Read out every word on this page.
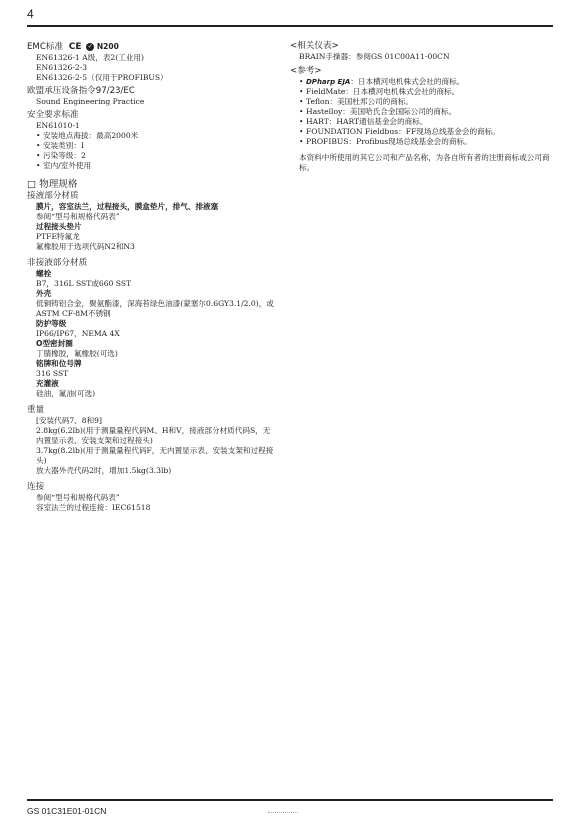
4
EMC标准 CE ✓ N200
EN61326-1 A级，表2(工业用)
EN61326-2-3
EN61326-2-5（仅用于PROFIBUS）
欧盟承压设备指令97/23/EC
Sound Engineering Practice
安全要求标准
EN61010-1
• 安装地点海拔：最高2000米
• 安装类别：I
• 污染等级：2
• 室内/室外使用
□ 物理规格
接液部分材质
膜片，容室法兰，过程接头，膜盒垫片，排气、排液塞
参阅“型号和规格代码表”
过程接头垫片
PTFE特氟龙
氟橡胶用于选项代码N2和N3
非接液部分材质
螺栓
B7，316L SST或660 SST
外壳
低铜铸铝合金，聚氨酯漆，深海苔绿色油漆(蒙塞尔0.6GY3.1/2.0)，或ASTM CF-8M不锈钢
防护等级
IP66/IP67，NEMA 4X
O型密封圈
丁腈橡胶，氟橡胶(可选)
铭牌和位号牌
316 SST
充灌液
硅油，氟油(可选)
重量
[安装代码7、8和9]
2.8kg(6.2lb)(用于测量量程代码M、H和V，接液部分材质代码S，无内置显示表、安装支架和过程接头)
3.7kg(8.2lb)(用于测量量程代码F，无内置显示表、安装支架和过程接头)
放大器外壳代码2时，增加1.5kg(3.3lb)
连接
参阅“型号和规格代码表”
容室法兰的过程连接：IEC61518
<相关仪表>
BRAIN手操器：参阅GS 01C00A11-00CN
<参考>
• DPharp EJA：日本横河电机株式会社的商标。
• FieldMate：日本横河电机株式会社的商标。
• Teflon：美国杜邦公司的商标。
• Hastelloy：美国哈氏合金国际公司的商标。
• HART：HART通信基金会的商标。
• FOUNDATION Fieldbus：FF现场总线基金会的商标。
• PROFIBUS：Profibus现场总线基金会的商标。
本资料中所使用的其它公司和产品名称，为各自所有者的注册商标或公司商标。
GS 01C31E01-01CN
